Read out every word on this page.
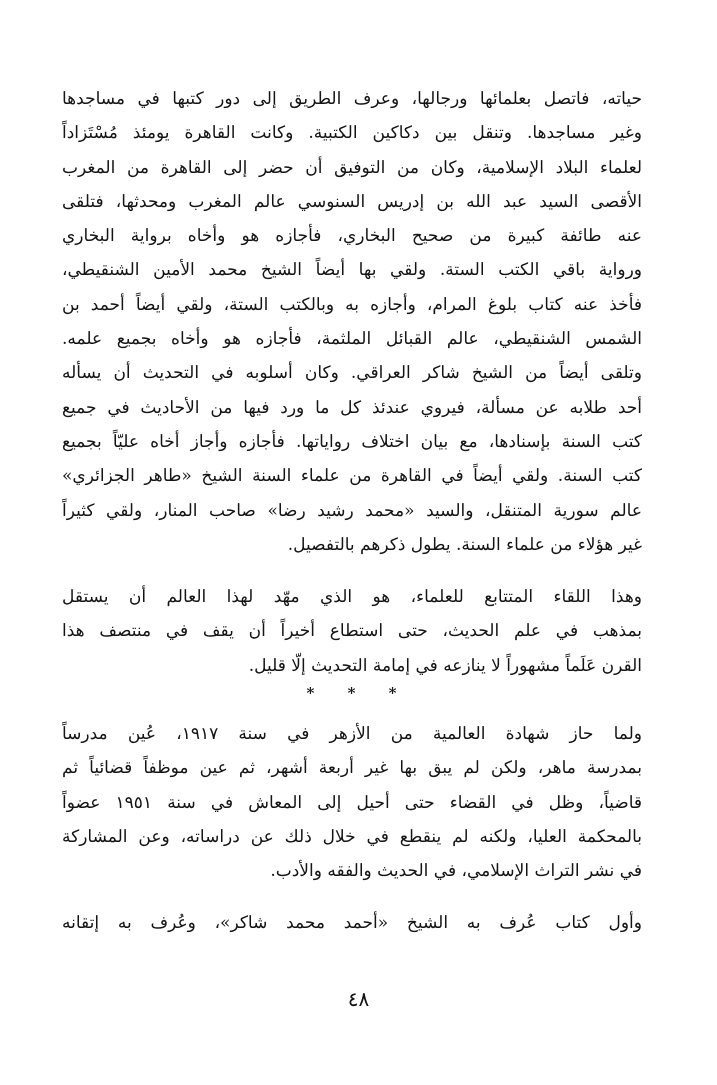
حياته، فاتصل بعلمائها ورجالها، وعرف الطريق إلى دور كتبها في مساجدها
وغير مساجدها. وتنقل بين دكاكين الكتبية. وكانت القاهرة يومئذ مُسْتَزاداً
لعلماء البلاد الإسلامية، وكان من التوفيق أن حضر إلى القاهرة من المغرب
الأقصى السيد عبد الله بن إدريس السنوسي عالم المغرب ومحدثها، فتلقى
عنه طائفة كبيرة من صحيح البخاري، فأجازه هو وأخاه برواية البخاري
ورواية باقي الكتب الستة. ولقي بها أيضاً الشيخ محمد الأمين الشنقيطي،
فأخذ عنه كتاب بلوغ المرام، وأجازه به وبالكتب الستة، ولقي أيضاً أحمد بن
الشمس الشنقيطي، عالم القبائل الملثمة، فأجازه هو وأخاه بجميع علمه.
وتلقى أيضاً من الشيخ شاكر العراقي. وكان أسلوبه في التحديث أن يسأله
أحد طلابه عن مسألة، فيروي عندئذ كل ما ورد فيها من الأحاديث في جميع
كتب السنة بإسنادها، مع بيان اختلاف رواياتها. فأجازه وأجاز أخاه عليّاً بجميع
كتب السنة. ولقي أيضاً في القاهرة من علماء السنة الشيخ «طاهر الجزائري»
عالم سورية المتنقل، والسيد «محمد رشيد رضا» صاحب المنار، ولقي كثيراً
غير هؤلاء من علماء السنة. يطول ذكرهم بالتفصيل.
وهذا اللقاء المتتابع للعلماء، هو الذي مهّد لهذا العالم أن يستقل
بمذهب في علم الحديث، حتى استطاع أخيراً أن يقف في منتصف هذا
القرن عَلَماً مشهوراً لا ينازعه في إمامة التحديث إلّا قليل.
* * *
ولما حاز شهادة العالمية من الأزهر في سنة ١٩١٧، عُين مدرساً
بمدرسة ماهر، ولكن لم يبق بها غير أربعة أشهر، ثم عين موظفاً قضائياً ثم
قاضياً، وظل في القضاء حتى أحيل إلى المعاش في سنة ١٩٥١ عضواً
بالمحكمة العليا، ولكنه لم ينقطع في خلال ذلك عن دراساته، وعن المشاركة
في نشر التراث الإسلامي، في الحديث والفقه والأدب.
وأول كتاب عُرف به الشيخ «أحمد محمد شاكر»، وعُرف به إتقانه
٤٨
